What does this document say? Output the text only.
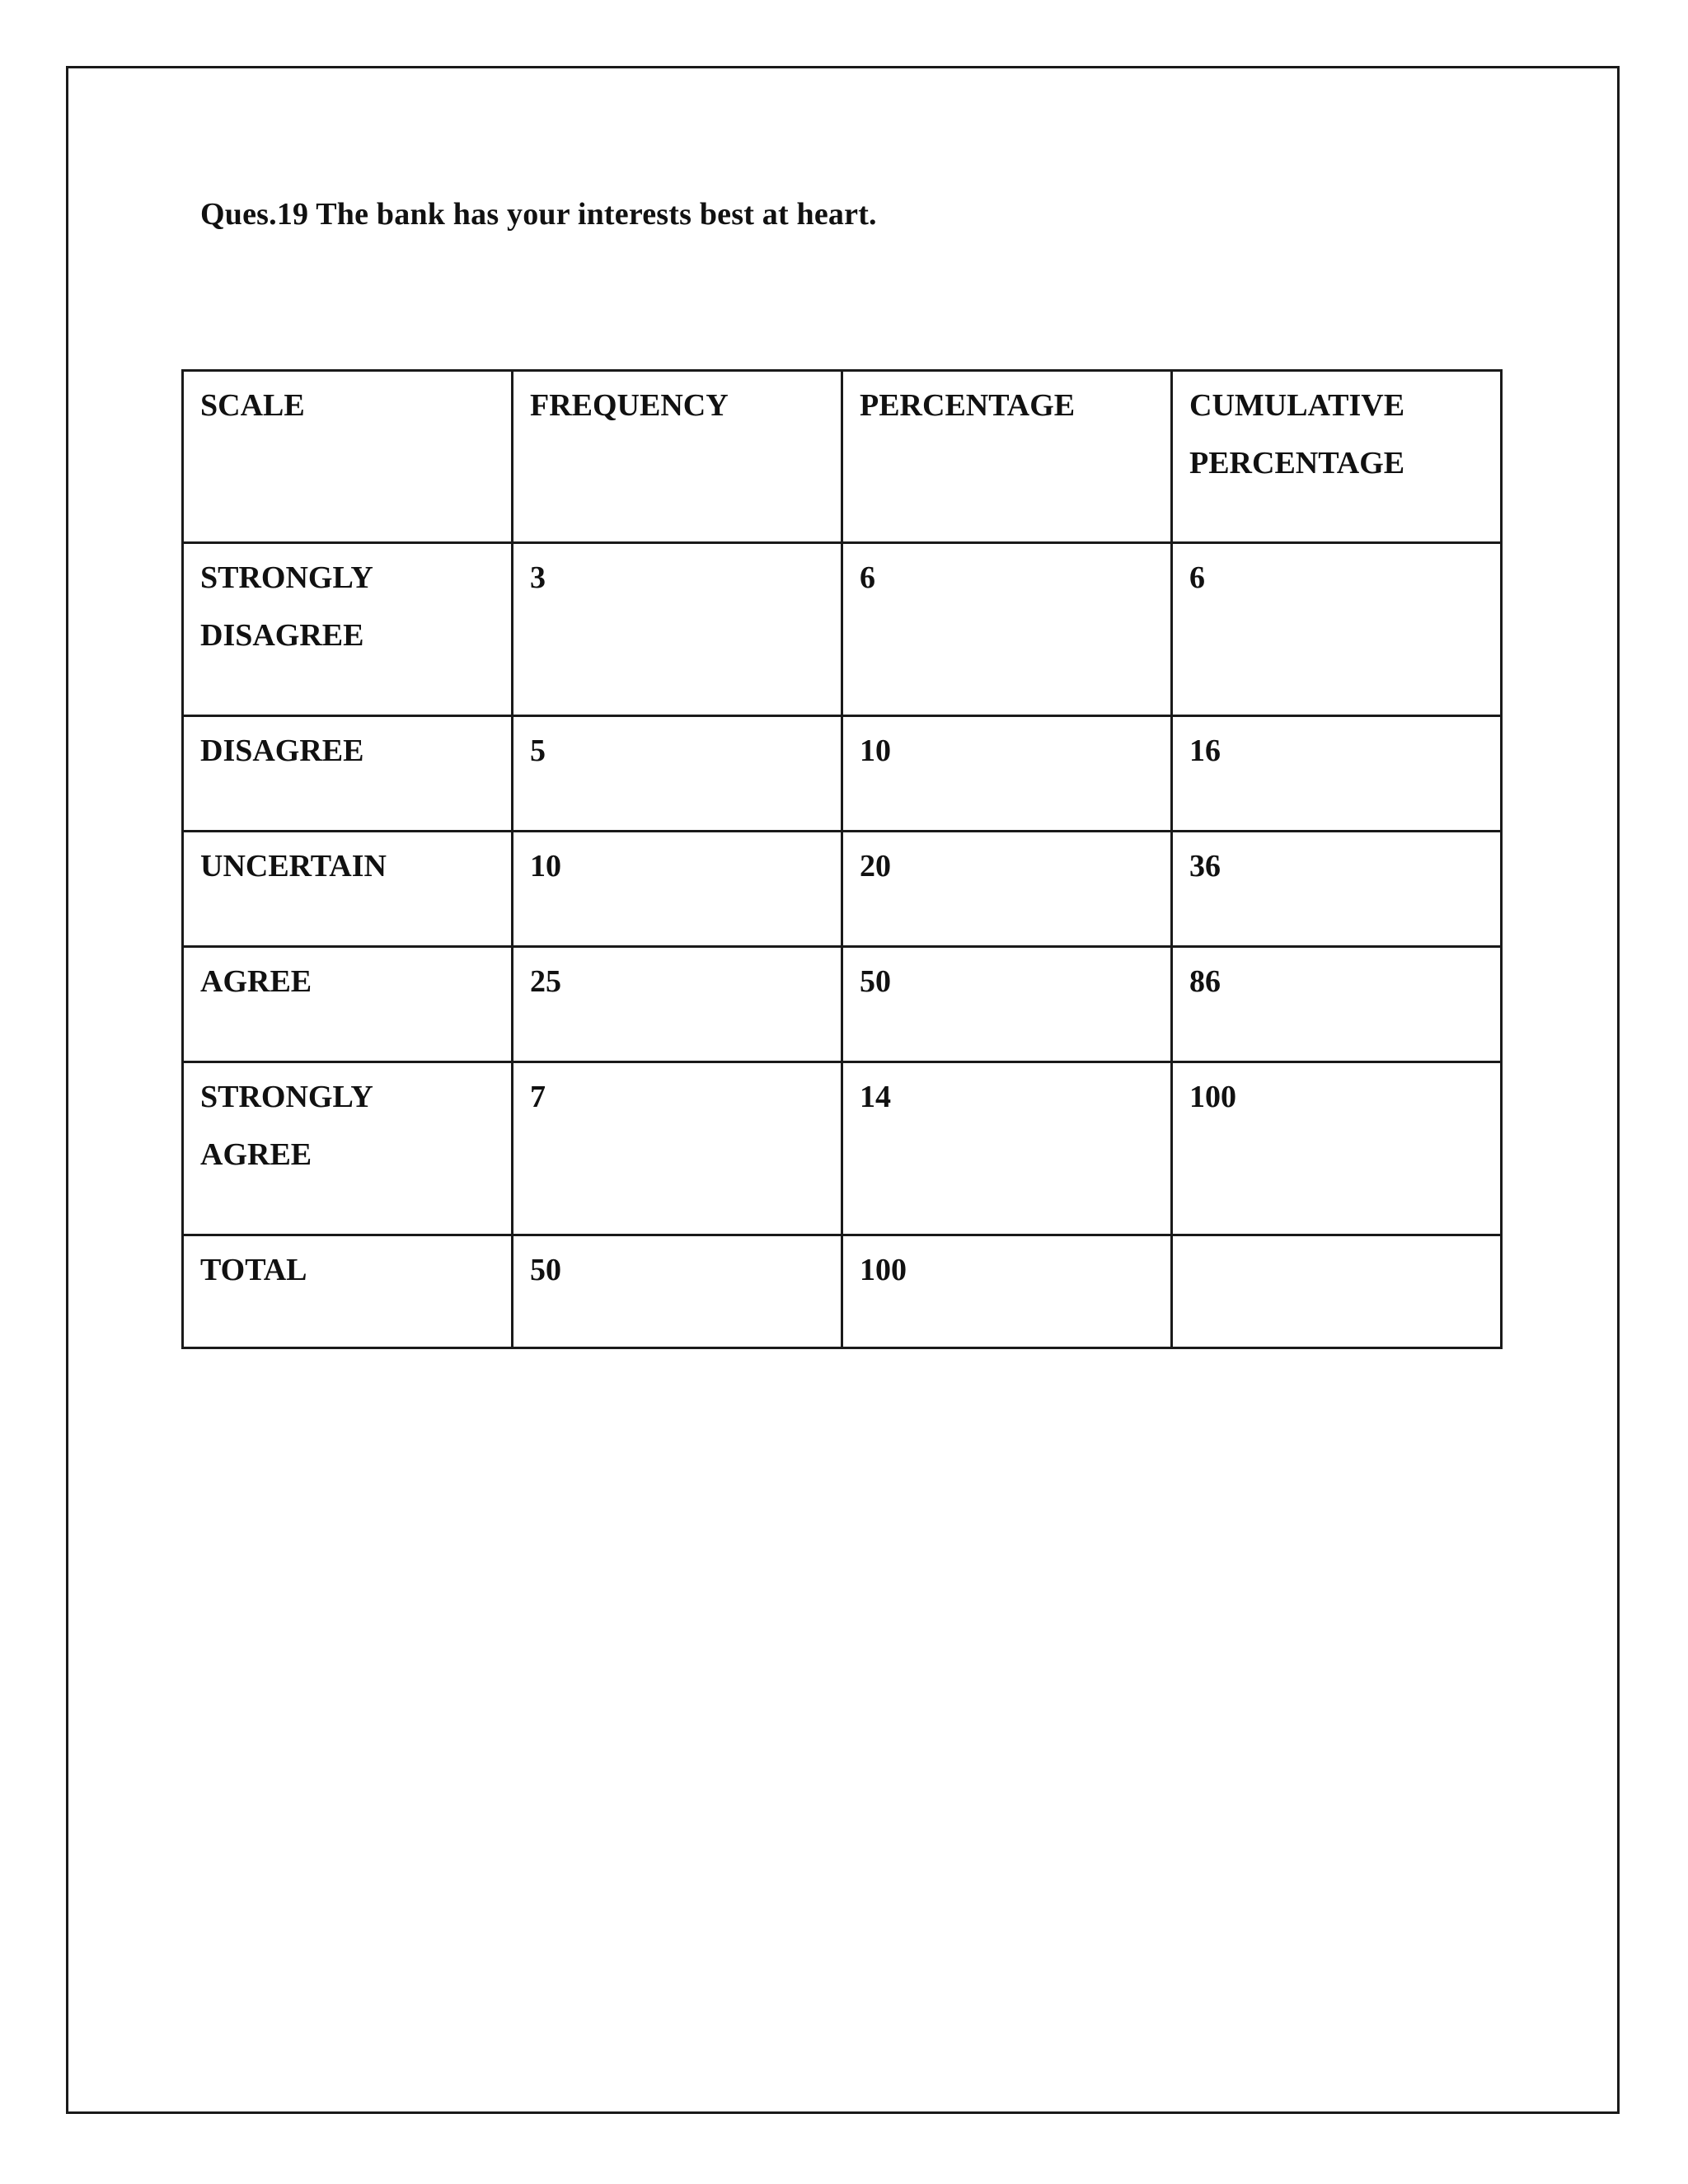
Ques.19 The bank has your interests best at heart.
SCALE	FREQUENCY	PERCENTAGE	CUMULATIVE
PERCENTAGE
STRONGLY
DISAGREE	3	6	6
DISAGREE	5	10	16
UNCERTAIN	10	20	36
AGREE	25	50	86
STRONGLY
AGREE	7	14	100
TOTAL	50	100	
